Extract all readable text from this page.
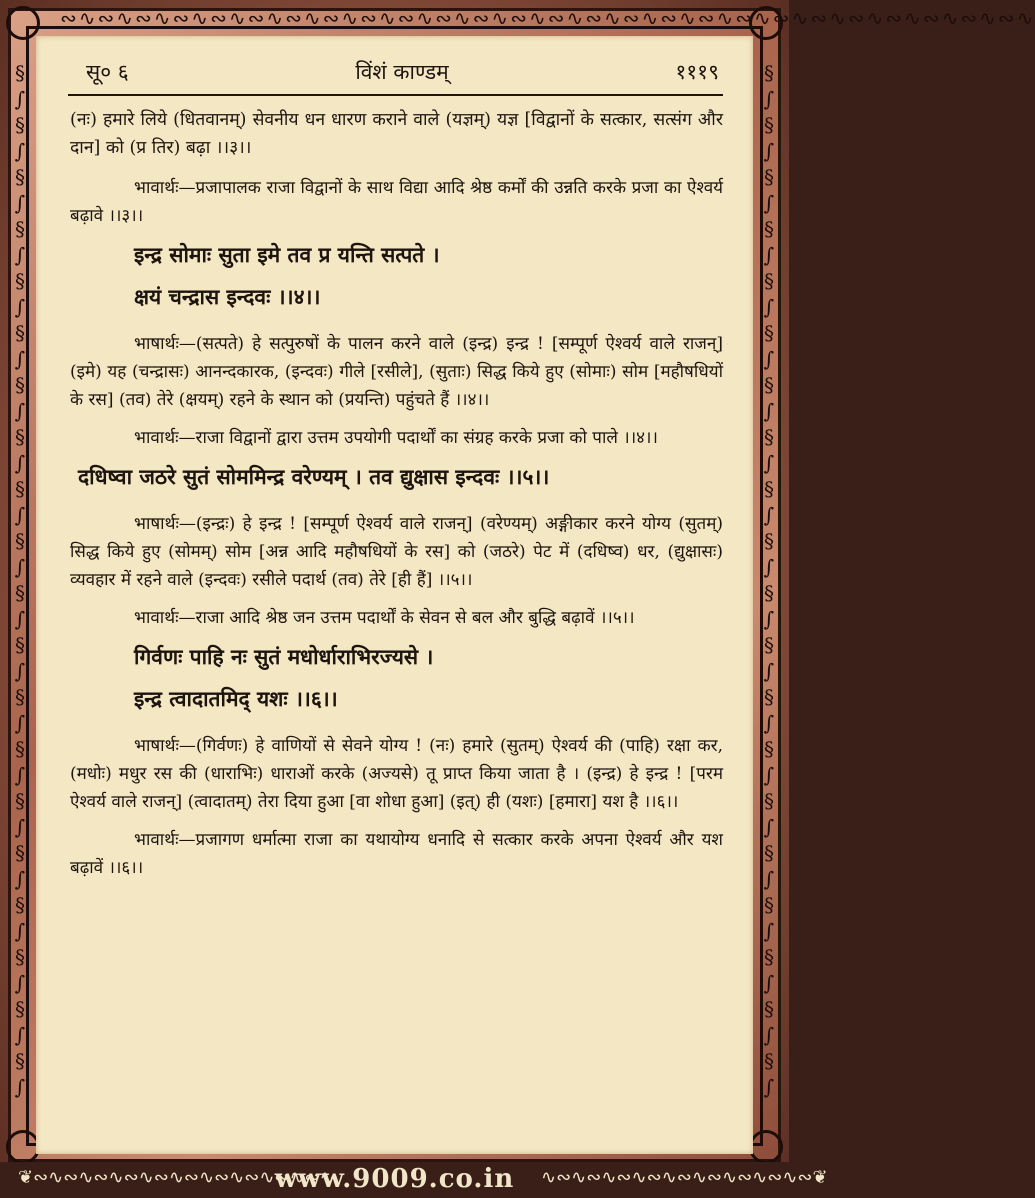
∾∿∾∿∾∿∾∿∾∿∾∿∾∿∾∿∾∿∾∿∾∿∾∿∾∿∾∿∾∿∾∿∾∿∾∿∾∿∾∿∾∿∾∿∾∿∾∿∾∿∾∿
§
∫
§
∫
§
∫
§
∫
§
∫
§
∫
§
∫
§
∫
§
∫
§
∫
§
∫
§
∫
§
∫
§
∫
§
∫
§
∫
§
∫
§
∫
§
∫
§
∫
§
∫
§
∫
§
∫
§
∫
§
∫
§
∫
§
∫
§
∫
§
∫
§
∫
§
∫
§
∫
§
∫
§
∫
§
∫
§
∫
§
∫
§
∫
§
∫
§
∫
सू० ६	विंशं काण्डम्	१११९

(नः) हमारे लिये (धितवानम्) सेवनीय धन धारण कराने वाले (यज्ञम्) यज्ञ [विद्वानों के सत्कार, सत्संग और दान] को (प्र तिर) बढ़ा ।।३।।

भावार्थः—प्रजापालक राजा विद्वानों के साथ विद्या आदि श्रेष्ठ कर्मों की उन्नति करके प्रजा का ऐश्वर्य बढ़ावे ।।३।।

इन्द्र सोमाः सुता इमे तव प्र यन्ति सत्पते ।

क्षयं चन्द्रास इन्दवः ।।४।।

भाषार्थः—(सत्पते) हे सत्पुरुषों के पालन करने वाले (इन्द्र) इन्द्र ! [सम्पूर्ण ऐश्वर्य वाले राजन्] (इमे) यह (चन्द्रासः) आनन्दकारक, (इन्दवः) गीले [रसीले], (सुताः) सिद्ध किये हुए (सोमाः) सोम [महौषधियों के रस] (तव) तेरे (क्षयम्) रहने के स्थान को (प्रयन्ति) पहुंचते हैं ।।४।।

भावार्थः—राजा विद्वानों द्वारा उत्तम उपयोगी पदार्थों का संग्रह करके प्रजा को पाले ।।४।।

दधिष्वा जठरे सुतं सोममिन्द्र वरेण्यम् । तव द्युक्षास इन्दवः ।।५।।

भाषार्थः—(इन्द्रः) हे इन्द्र ! [सम्पूर्ण ऐश्वर्य वाले राजन्] (वरेण्यम्) अङ्गीकार करने योग्य (सुतम्) सिद्ध किये हुए (सोमम्) सोम [अन्न आदि महौषधियों के रस] को (जठरे) पेट में (दधिष्व) धर, (द्युक्षासः) व्यवहार में रहने वाले (इन्दवः) रसीले पदार्थ (तव) तेरे [ही हैं] ।।५।।

भावार्थः—राजा आदि श्रेष्ठ जन उत्तम पदार्थों के सेवन से बल और बुद्धि बढ़ावें ।।५।।

गिर्वणः पाहि नः सुतं मधोर्धाराभिरज्यसे ।

इन्द्र त्वादातमिद् यशः ।।६।।

भाषार्थः—(गिर्वणः) हे वाणियों से सेवने योग्य ! (नः) हमारे (सुतम्) ऐश्वर्य की (पाहि) रक्षा कर, (मधोः) मधुर रस की (धाराभिः) धाराओं करके (अज्यसे) तू प्राप्त किया जाता है । (इन्द्र) हे इन्द्र ! [परम ऐश्वर्य वाले राजन्] (त्वादातम्) तेरा दिया हुआ [वा शोधा हुआ] (इत्) ही (यशः) [हमारा] यश है ।।६।।

भावार्थः—प्रजागण धर्मात्मा राजा का यथायोग्य धनादि से सत्कार करके अपना ऐश्वर्य और यश बढ़ावें ।।६।।

❦∾∿∾∿∾∿∾∿∾∿∾∿∾∿∾∿∾∿∾∿	∿∾∿∾∿∾∿∾∿∾∿∾∿∾∿∾∿∾❦
www.9009.co.in
